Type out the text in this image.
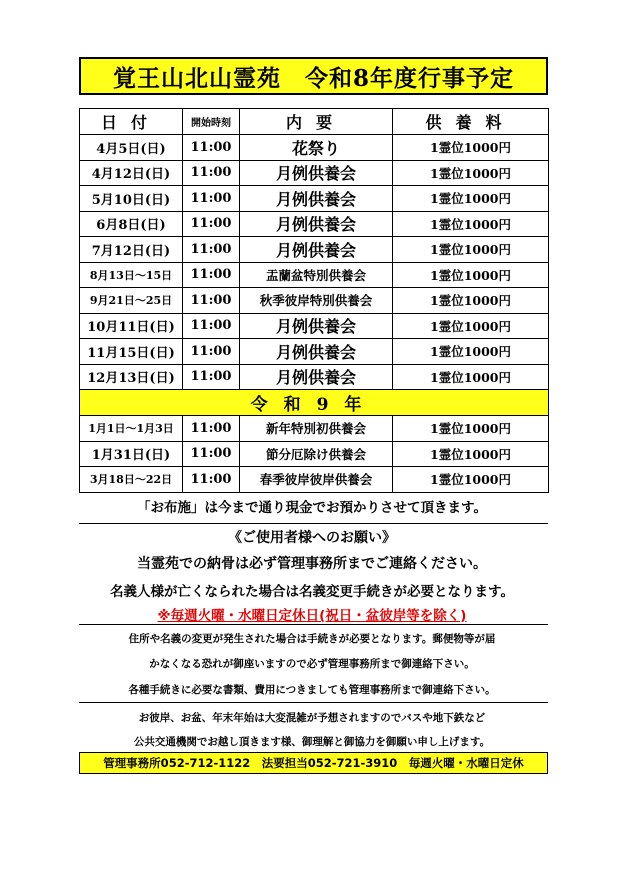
覚王山北山霊苑　令和8年度行事予定
日付	開始時刻	内要	供養料
4月5日(日)	11:00	花祭り	1霊位1000円
4月12日(日)	11:00	月例供養会	1霊位1000円
5月10日(日)	11:00	月例供養会	1霊位1000円
6月8日(日)	11:00	月例供養会	1霊位1000円
7月12日(日)	11:00	月例供養会	1霊位1000円
8月13日～15日	11:00	盂蘭盆特別供養会	1霊位1000円
9月21日～25日	11:00	秋季彼岸特別供養会	1霊位1000円
10月11日(日)	11:00	月例供養会	1霊位1000円
11月15日(日)	11:00	月例供養会	1霊位1000円
12月13日(日)	11:00	月例供養会	1霊位1000円
令和9年			
1月1日～1月3日	11:00	新年特別初供養会	1霊位1000円
1月31日(日)	11:00	節分厄除け供養会	1霊位1000円
3月18日～22日	11:00	春季彼岸彼岸供養会	1霊位1000円
「お布施」は今まで通り現金でお預かりさせて頂きます。
《ご使用者様へのお願い》
当霊苑での納骨は必ず管理事務所までご連絡ください。
名義人様が亡くなられた場合は名義変更手続きが必要となります。
※毎週火曜・水曜日定休日(祝日・盆彼岸等を除く)
住所や名義の変更が発生された場合は手続きが必要となります。郵便物等が届
かなくなる恐れが御座いますので必ず管理事務所まで御連絡下さい。
各種手続きに必要な書類、費用につきましても管理事務所まで御連絡下さい。
お彼岸、お盆、年末年始は大変混雑が予想されますのでバスや地下鉄など
公共交通機関でお越し頂きます様、御理解と御協力を御願い申し上げます。
管理事務所052-712-1122　法要担当052-721-3910　毎週火曜・水曜日定休
